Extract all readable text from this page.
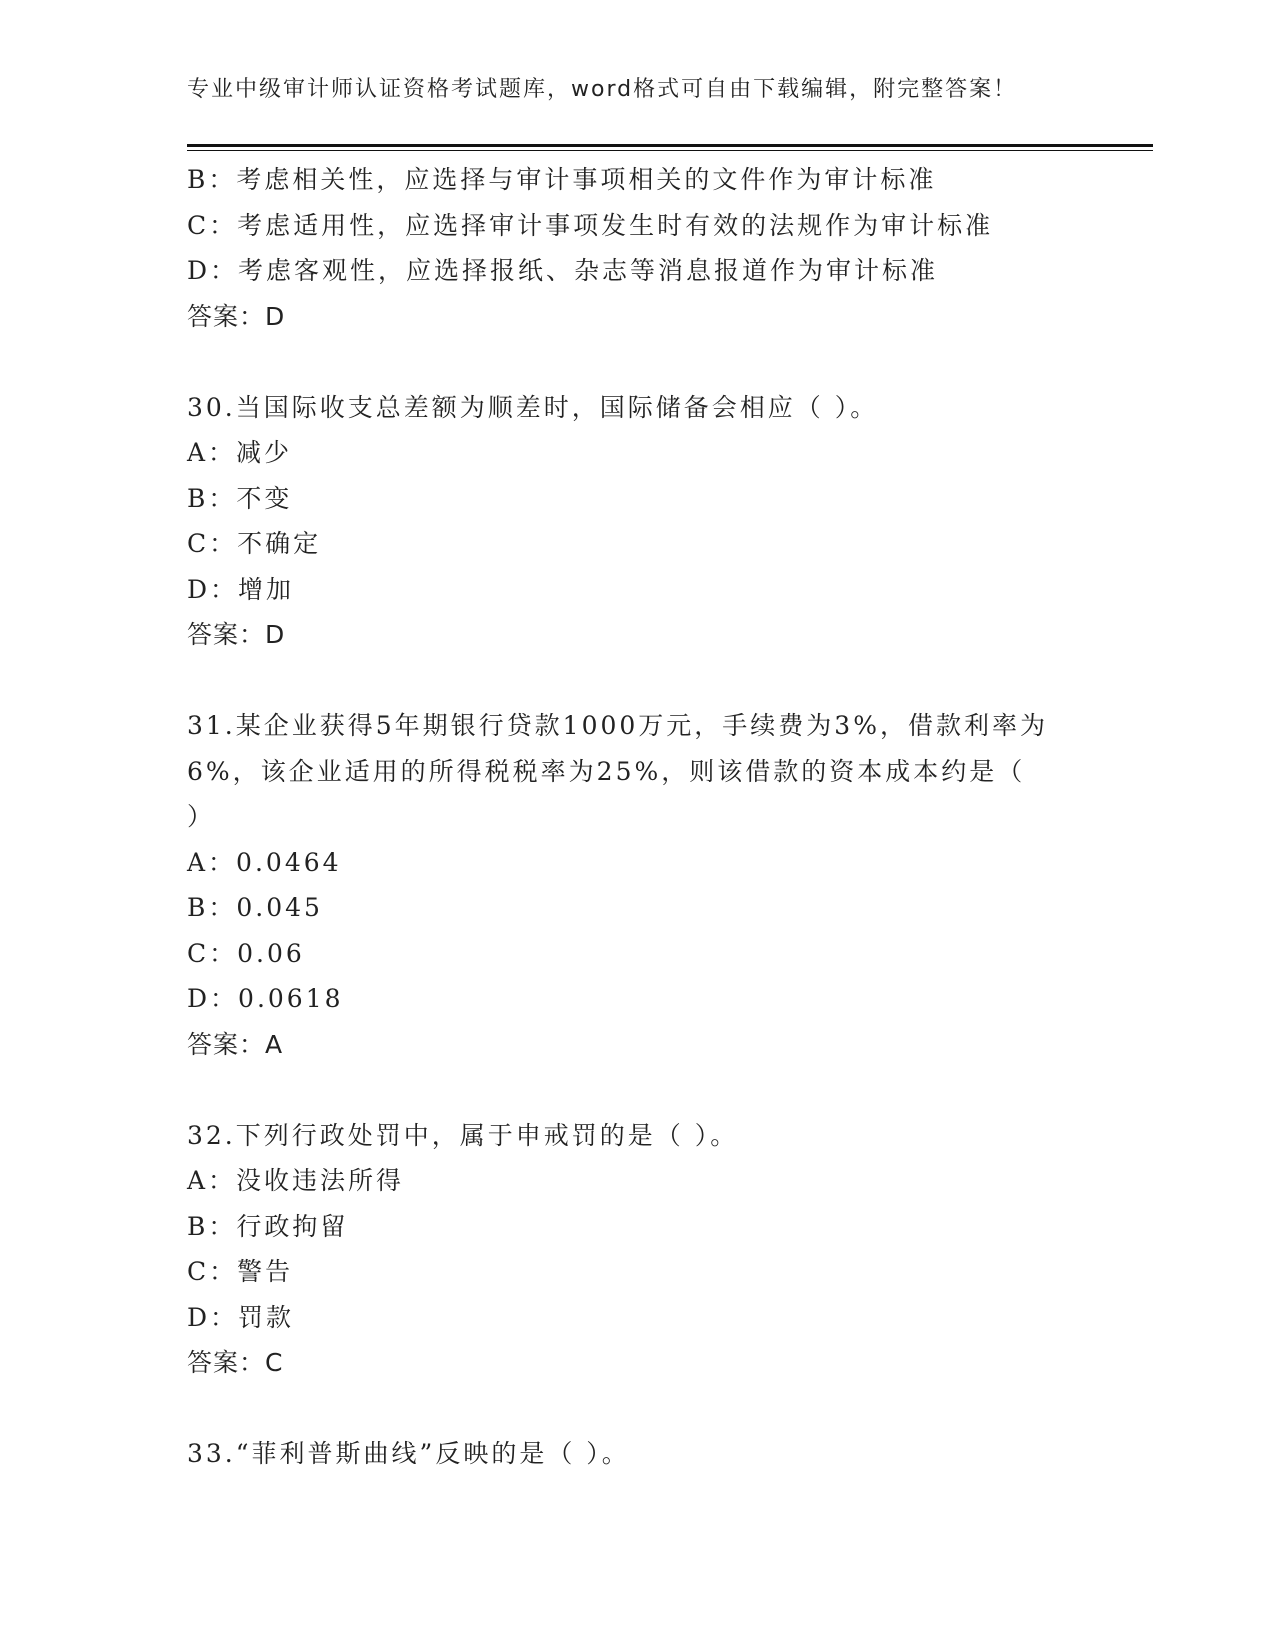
专业中级审计师认证资格考试题库，word格式可自由下载编辑，附完整答案！
B：考虑相关性，应选择与审计事项相关的文件作为审计标准
C：考虑适用性，应选择审计事项发生时有效的法规作为审计标准
D：考虑客观性，应选择报纸、杂志等消息报道作为审计标准
答案：D
30.当国际收支总差额为顺差时，国际储备会相应（ ）。
A：减少
B：不变
C：不确定
D：增加
答案：D
31.某企业获得5年期银行贷款1000万元，手续费为3%，借款利率为
6%，该企业适用的所得税税率为25%，则该借款的资本成本约是（
）
A：0.0464
B：0.045
C：0.06
D：0.0618
答案：A
32.下列行政处罚中，属于申戒罚的是（ ）。
A：没收违法所得
B：行政拘留
C：警告
D：罚款
答案：C
33.“菲利普斯曲线”反映的是（ ）。
